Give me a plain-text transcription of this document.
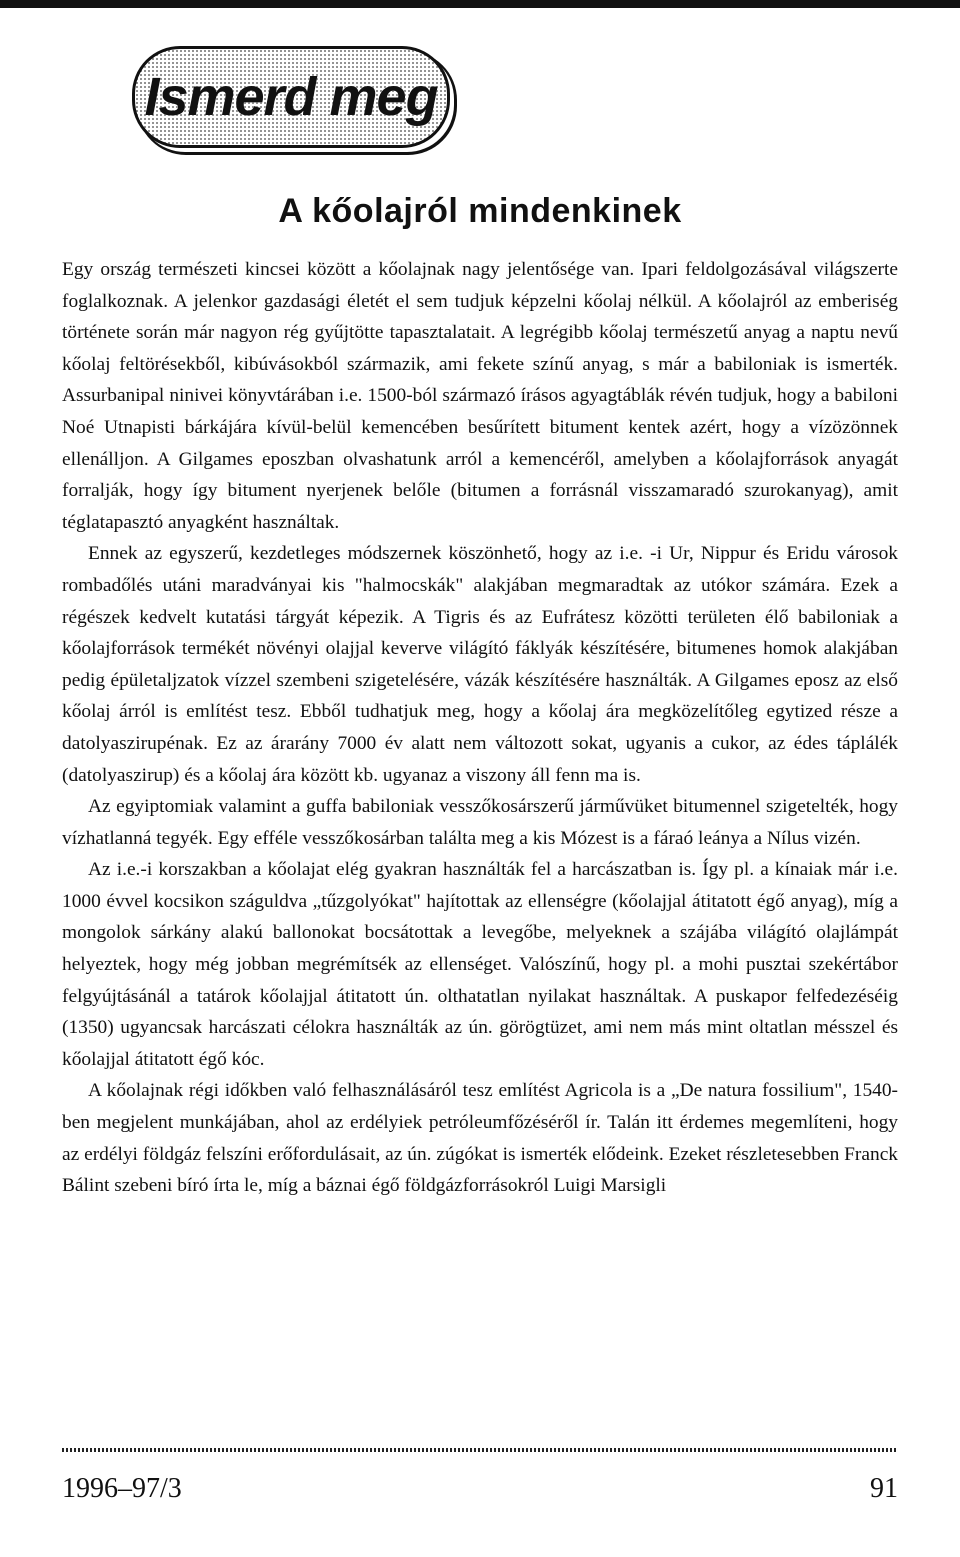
Ismerd meg
A kőolajról mindenkinek

Egy ország természeti kincsei között a kőolajnak nagy jelentősége van. Ipari feldolgozásával világszerte foglalkoznak. A jelenkor gazdasági életét el sem tudjuk képzelni kőolaj nélkül. A kőolajról az emberiség története során már nagyon rég gyűjtötte tapasztalatait. A legrégibb kőolaj természetű anyag a naptu nevű kőolaj feltörésekből, kibúvásokból származik, ami fekete színű anyag, s már a babiloniak is ismerték. Assurbanipal ninivei könyvtárában i.e. 1500-ból származó írásos agyagtáblák révén tudjuk, hogy a babiloni Noé Utnapisti bárkájára kívül-belül kemencében besűrített bitument kentek azért, hogy a vízözönnek ellenálljon. A Gilgames eposzban olvashatunk arról a kemencéről, amelyben a kőolajforrások anyagát forralják, hogy így bitument nyerjenek belőle (bitumen a forrásnál visszamaradó szurokanyag), amit téglatapasztó anyagként használtak.

Ennek az egyszerű, kezdetleges módszernek köszönhető, hogy az i.e. -i Ur, Nippur és Eridu városok rombadőlés utáni maradványai kis "halmocskák" alakjában megmaradtak az utókor számára. Ezek a régészek kedvelt kutatási tárgyát képezik. A Tigris és az Eufrátesz közötti területen élő babiloniak a kőolajforrások termékét növényi olajjal keverve világító fáklyák készítésére, bitumenes homok alakjában pedig épületaljzatok vízzel szembeni szigetelésére, vázák készítésére használták. A Gilgames eposz az első kőolaj árról is említést tesz. Ebből tudhatjuk meg, hogy a kőolaj ára megközelítőleg egytized része a datolyaszirupénak. Ez az árarány 7000 év alatt nem változott sokat, ugyanis a cukor, az édes táplálék (datolyaszirup) és a kőolaj ára között kb. ugyanaz a viszony áll fenn ma is.

Az egyiptomiak valamint a guffa babiloniak vesszőkosárszerű járművüket bitumennel szigetelték, hogy vízhatlanná tegyék. Egy efféle vesszőkosárban találta meg a kis Mózest is a fáraó leánya a Nílus vizén.

Az i.e.-i korszakban a kőolajat elég gyakran használták fel a harcászatban is. Így pl. a kínaiak már i.e. 1000 évvel kocsikon száguldva „tűzgolyókat" hajítottak az ellenségre (kőolajjal átitatott égő anyag), míg a mongolok sárkány alakú ballonokat bocsátottak a levegőbe, melyeknek a szájába világító olajlámpát helyeztek, hogy még jobban megrémítsék az ellenséget. Valószínű, hogy pl. a mohi pusztai szekértábor felgyújtásánál a tatárok kőolajjal átitatott ún. olthatatlan nyilakat használtak. A puskapor felfedezéséig (1350) ugyancsak harcászati célokra használták az ún. görögtüzet, ami nem más mint oltatlan mésszel és kőolajjal átitatott égő kóc.

A kőolajnak régi időkben való felhasználásáról tesz említést Agricola is a „De natura fossilium", 1540-ben megjelent munkájában, ahol az erdélyiek petróleumfőzéséről ír. Talán itt érdemes megemlíteni, hogy az erdélyi földgáz felszíni erőfordulásait, az ún. zúgókat is ismerték elődeink. Ezeket részletesebben Franck Bálint szebeni bíró írta le, míg a báznai égő földgázforrásokról Luigi Marsigli

1996–97/3	91
